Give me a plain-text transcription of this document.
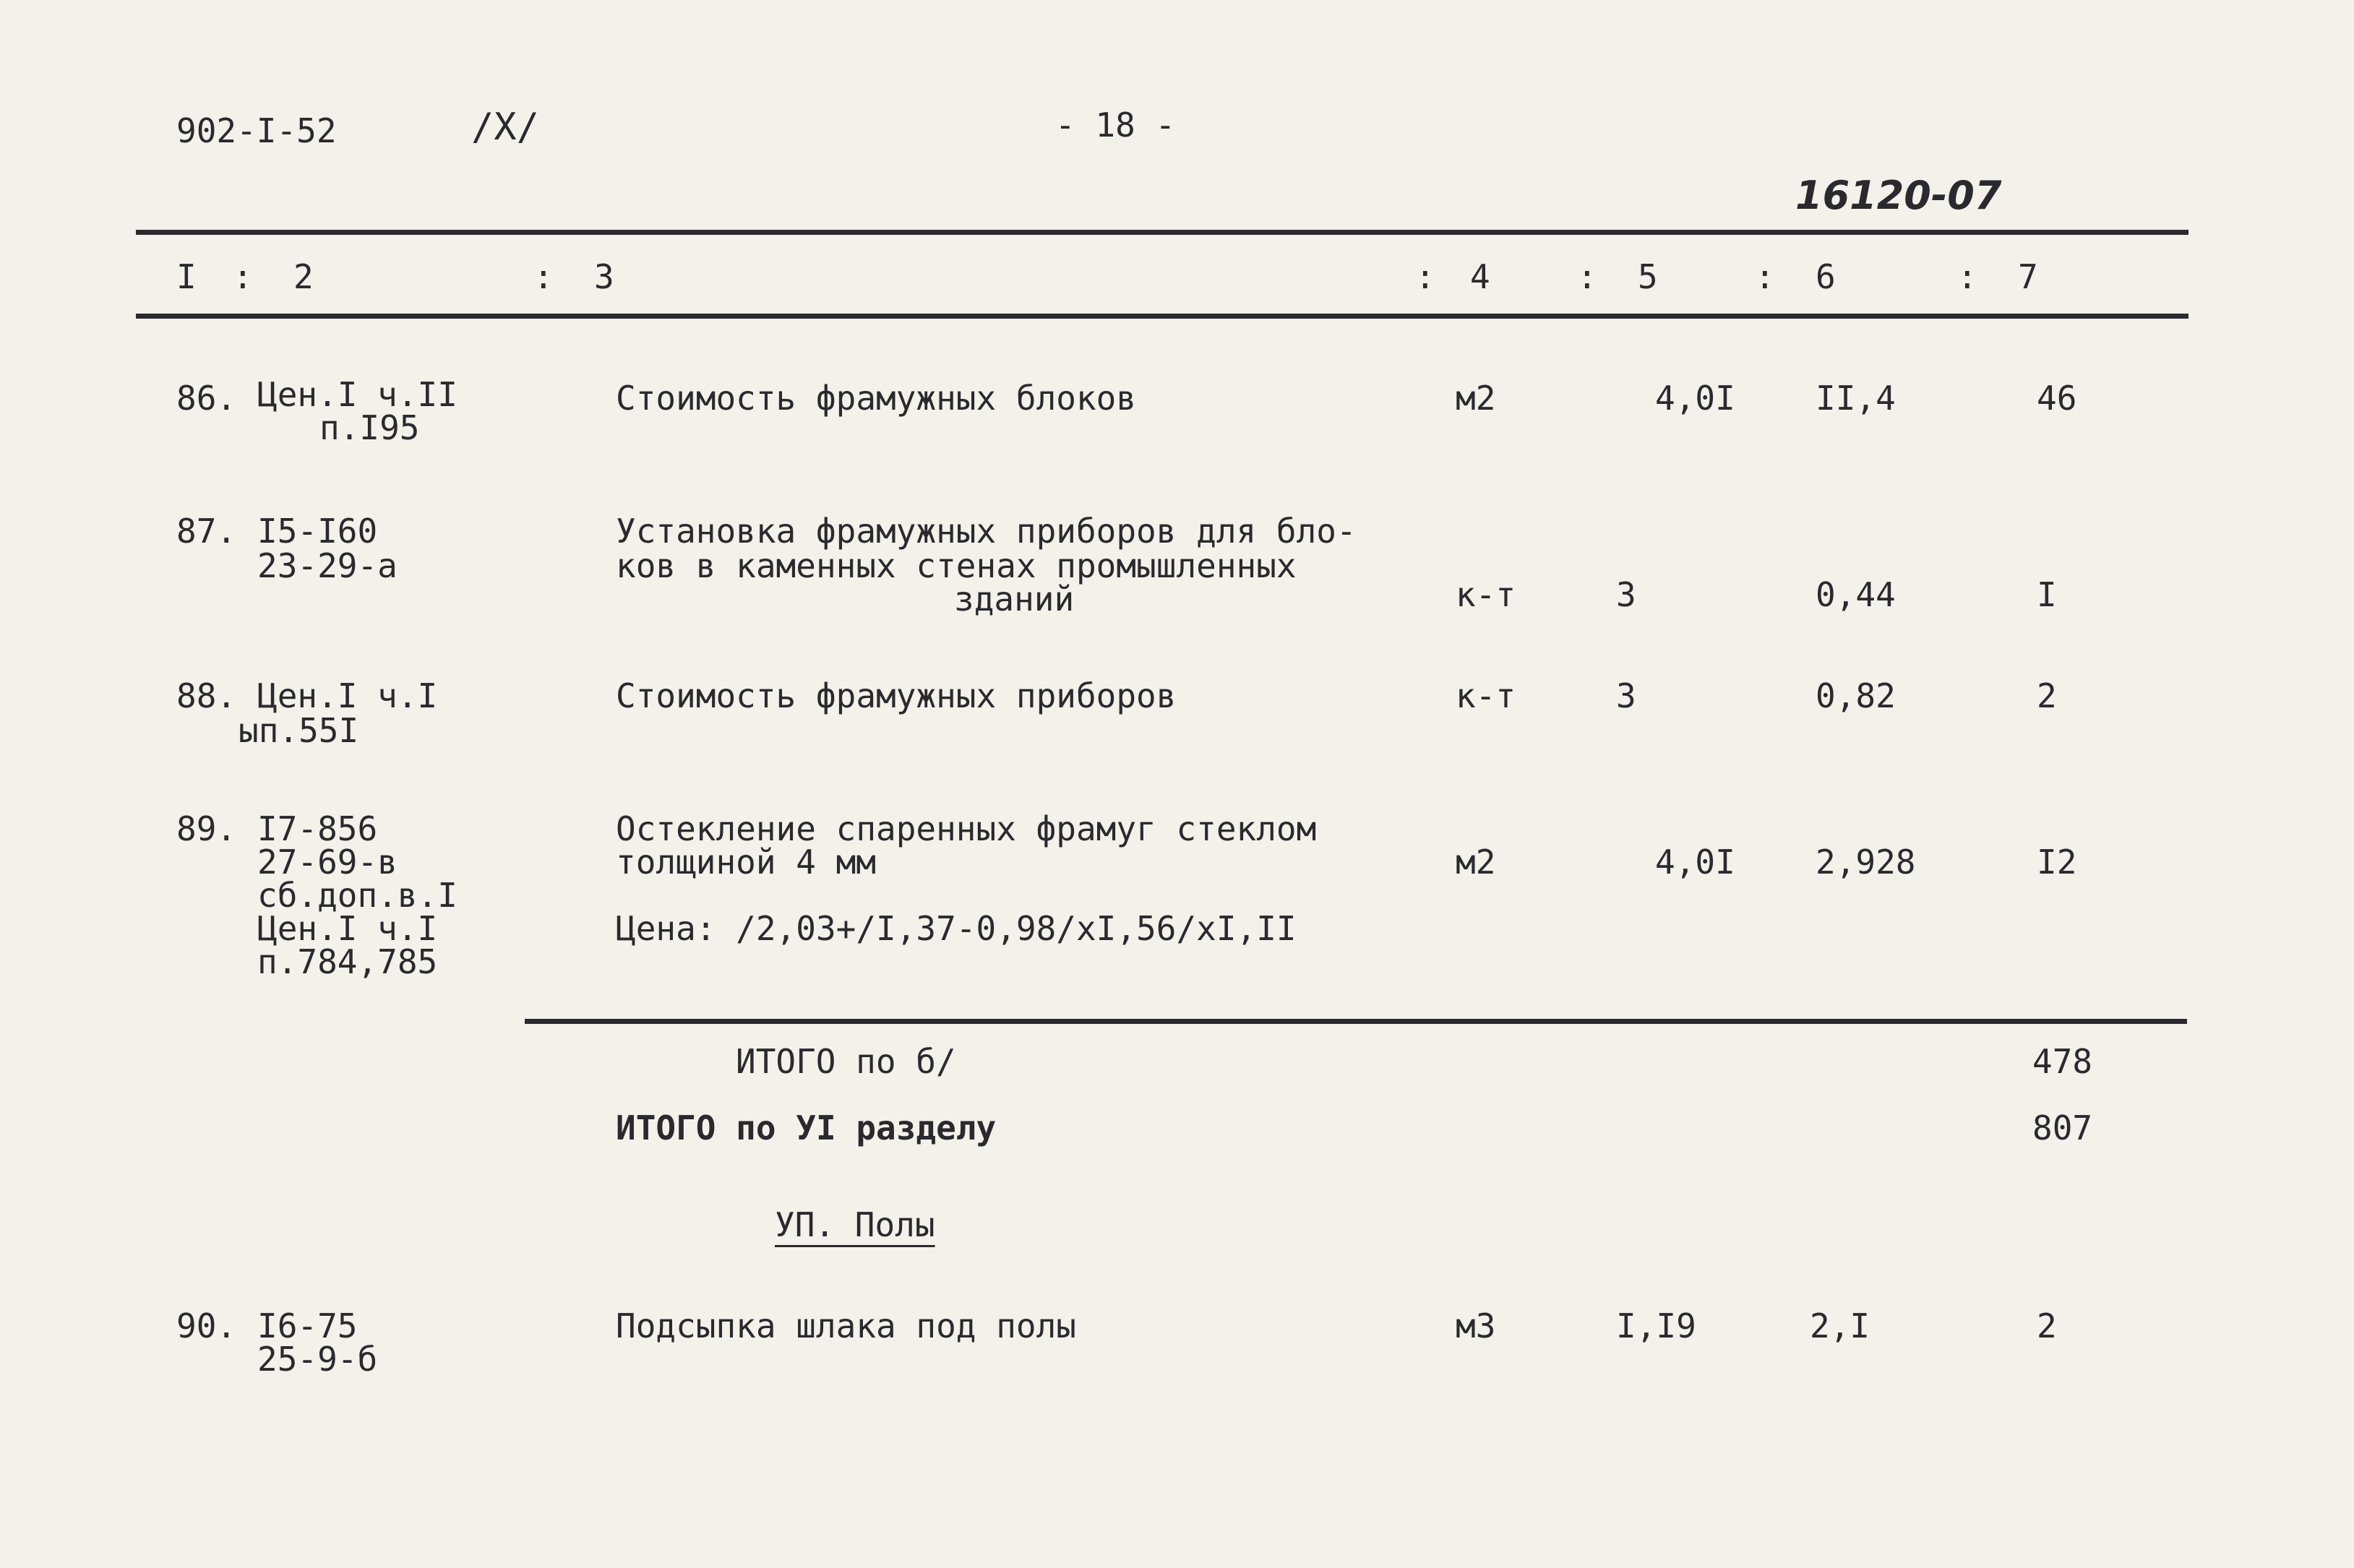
902-I-52	/X/	- 18 -
16120-07
I : 2	: 3	: 4	: 5	: 6	: 7
86. Цен.I ч.II
п.I95
Стоимость фрамужных блоков	м2	4,0I II,4	46
87. I5-I60
23-29-а
Установка фрамужных приборов для бло-
ков в каменных стенах промышленных
зданий	к-т	3	0,44	I
88. Цен.I ч.I
ып.55I
Стоимость фрамужных приборов	к-т	3	0,82	2
89. I7-856
27-69-в
сб.доп.в.I
Цен.I ч.I
п.784,785
Остекление спаренных фрамуг стеклом
толщиной 4 мм
Цена: /2,03+/I,37-0,98/хI,56/хI,II
м2	4,0I 2,928	I2
ИТОГО по б/	478
ИТОГО по УI разделу	807
УП. Полы
90. I6-75
25-9-б
Подсыпка шлака под полы	м3	I,I9	2,I	2
